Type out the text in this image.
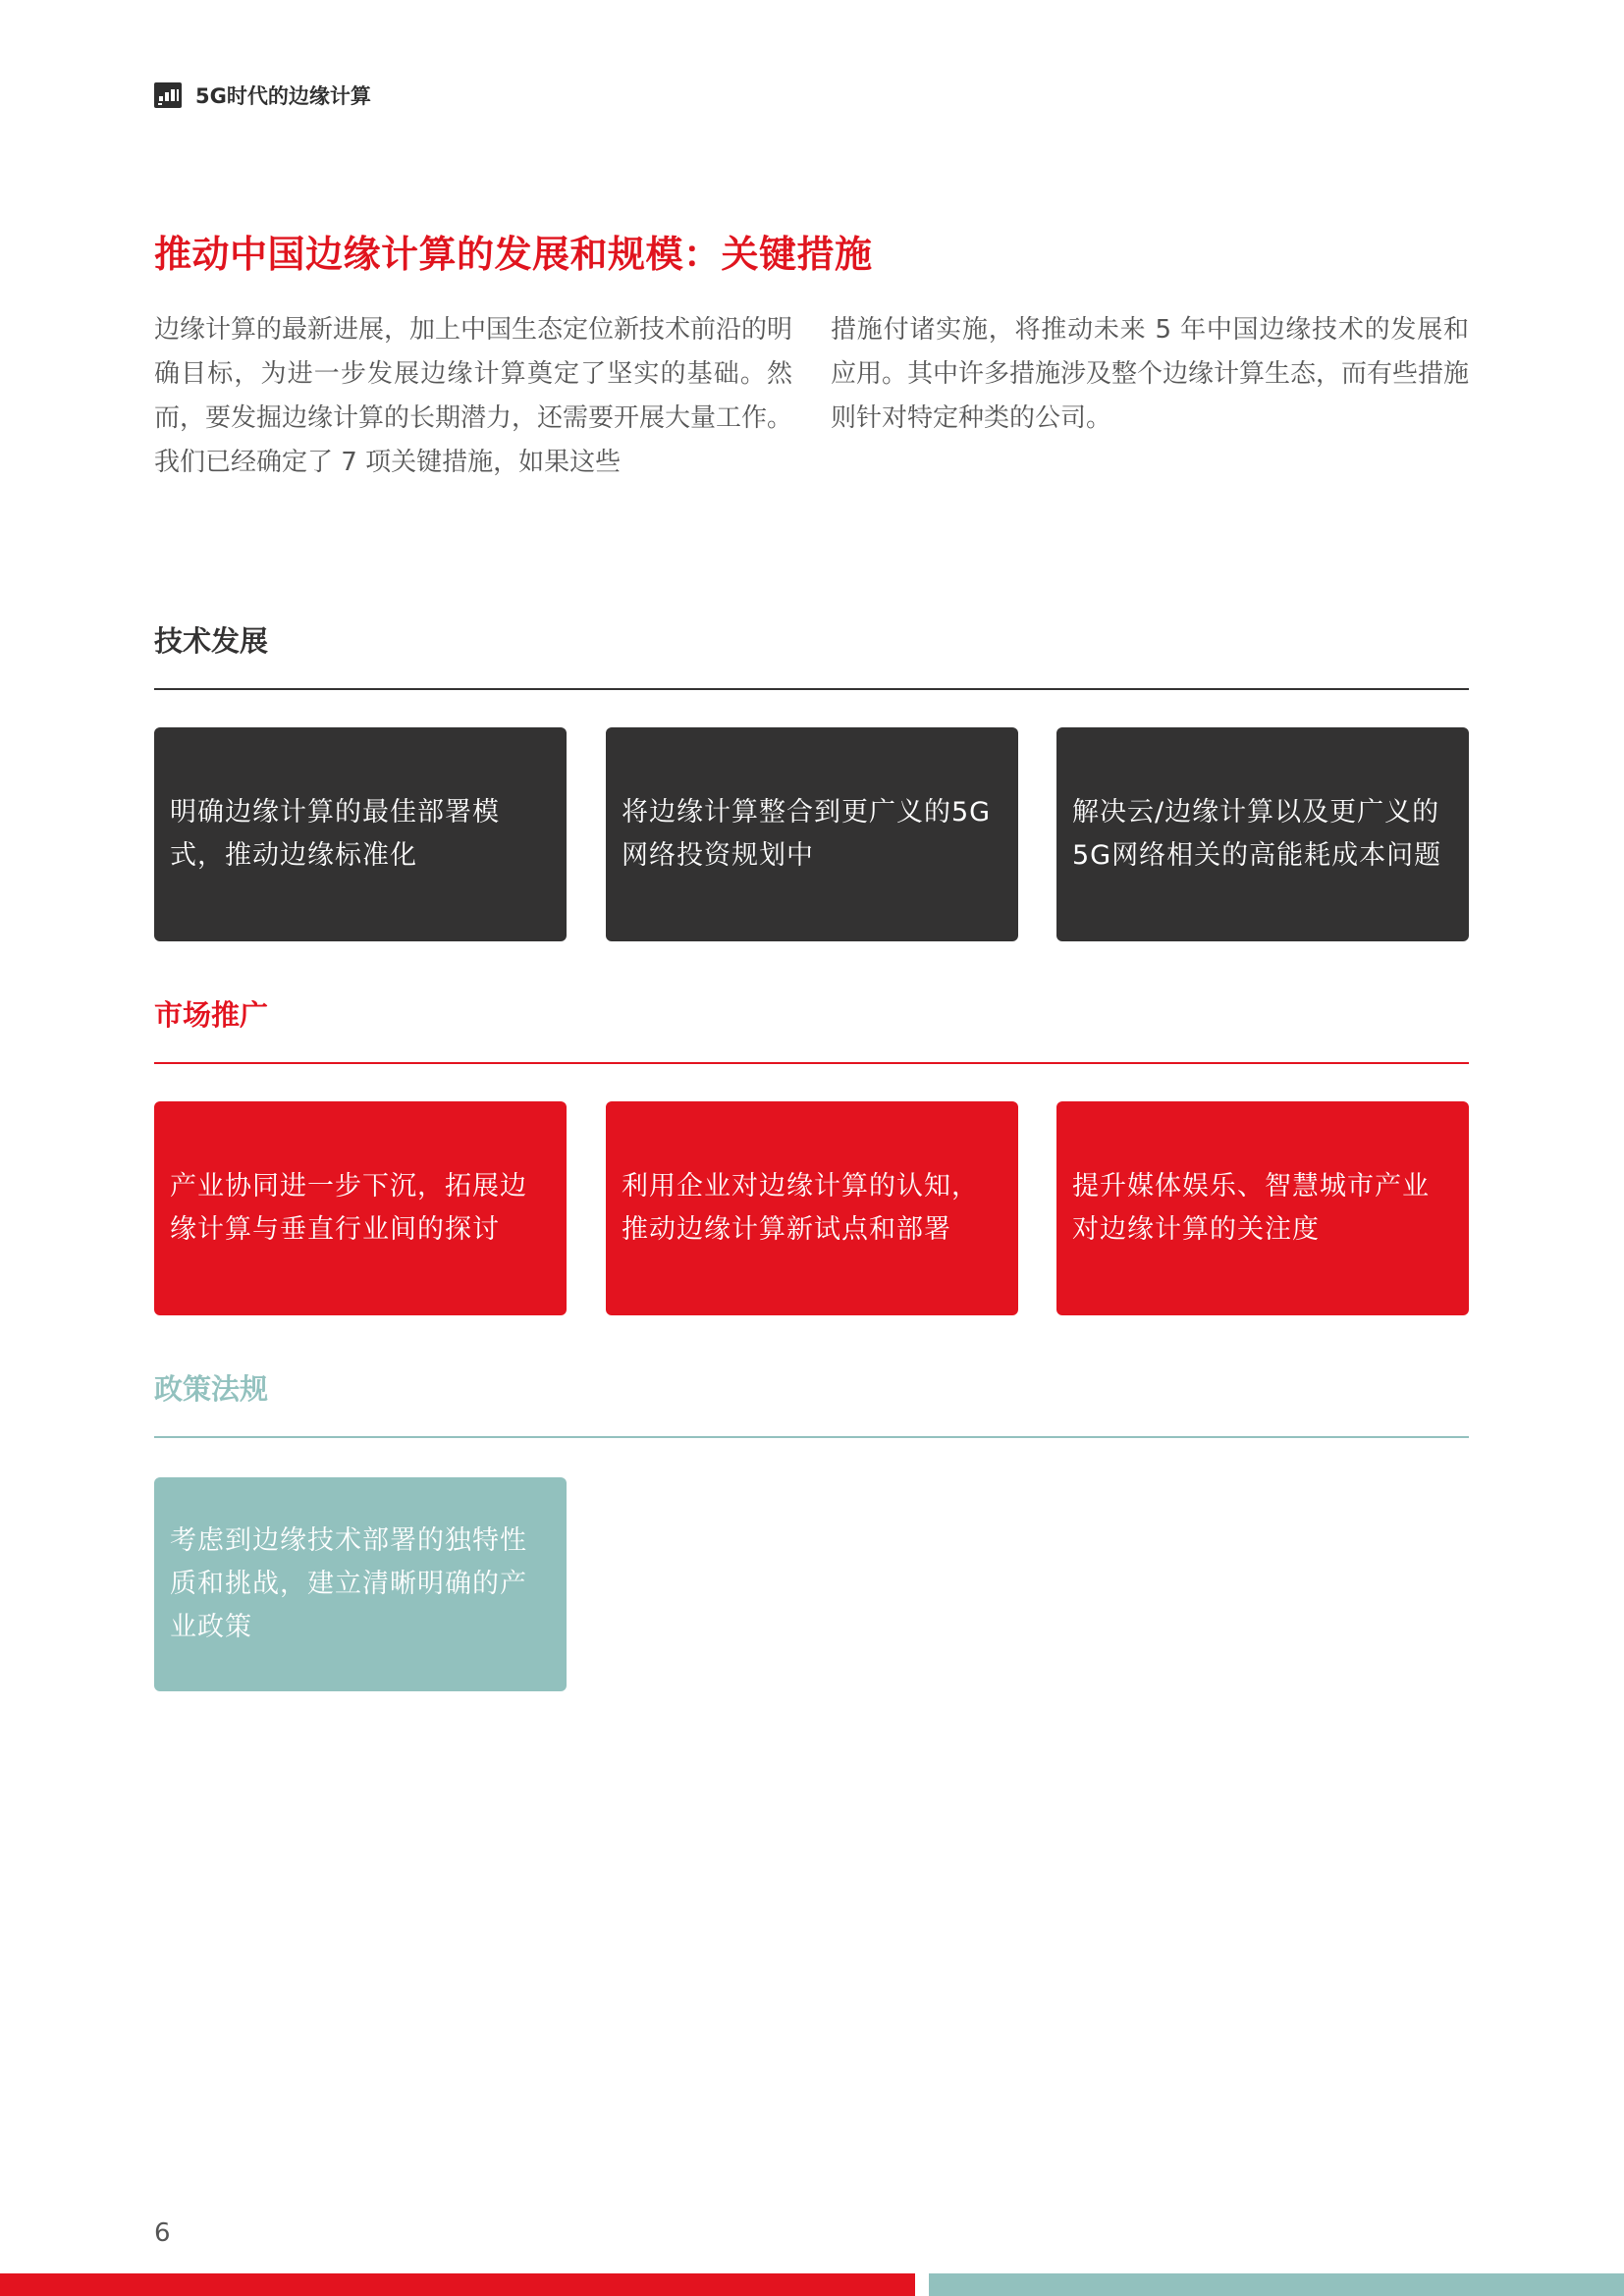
5G时代的边缘计算
推动中国边缘计算的发展和规模：关键措施

边缘计算的最新进展，加上中国生态定位新技术前沿的明确目标，为进一步发展边缘计算奠定了坚实的基础。然而，要发掘边缘计算的长期潜力，还需要开展大量工作。我们已经确定了 7 项关键措施，如果这些

措施付诸实施，将推动未来 5 年中国边缘技术的发展和应用。其中许多措施涉及整个边缘计算生态，而有些措施则针对特定种类的公司。

技术发展
明确边缘计算的最佳部署模式，推动边缘标准化
将边缘计算整合到更广义的5G网络投资规划中
解决云/边缘计算以及更广义的5G网络相关的高能耗成本问题
市场推广
产业协同进一步下沉，拓展边缘计算与垂直行业间的探讨
利用企业对边缘计算的认知，推动边缘计算新试点和部署
提升媒体娱乐、智慧城市产业对边缘计算的关注度
政策法规
考虑到边缘技术部署的独特性质和挑战，建立清晰明确的产业政策
6
